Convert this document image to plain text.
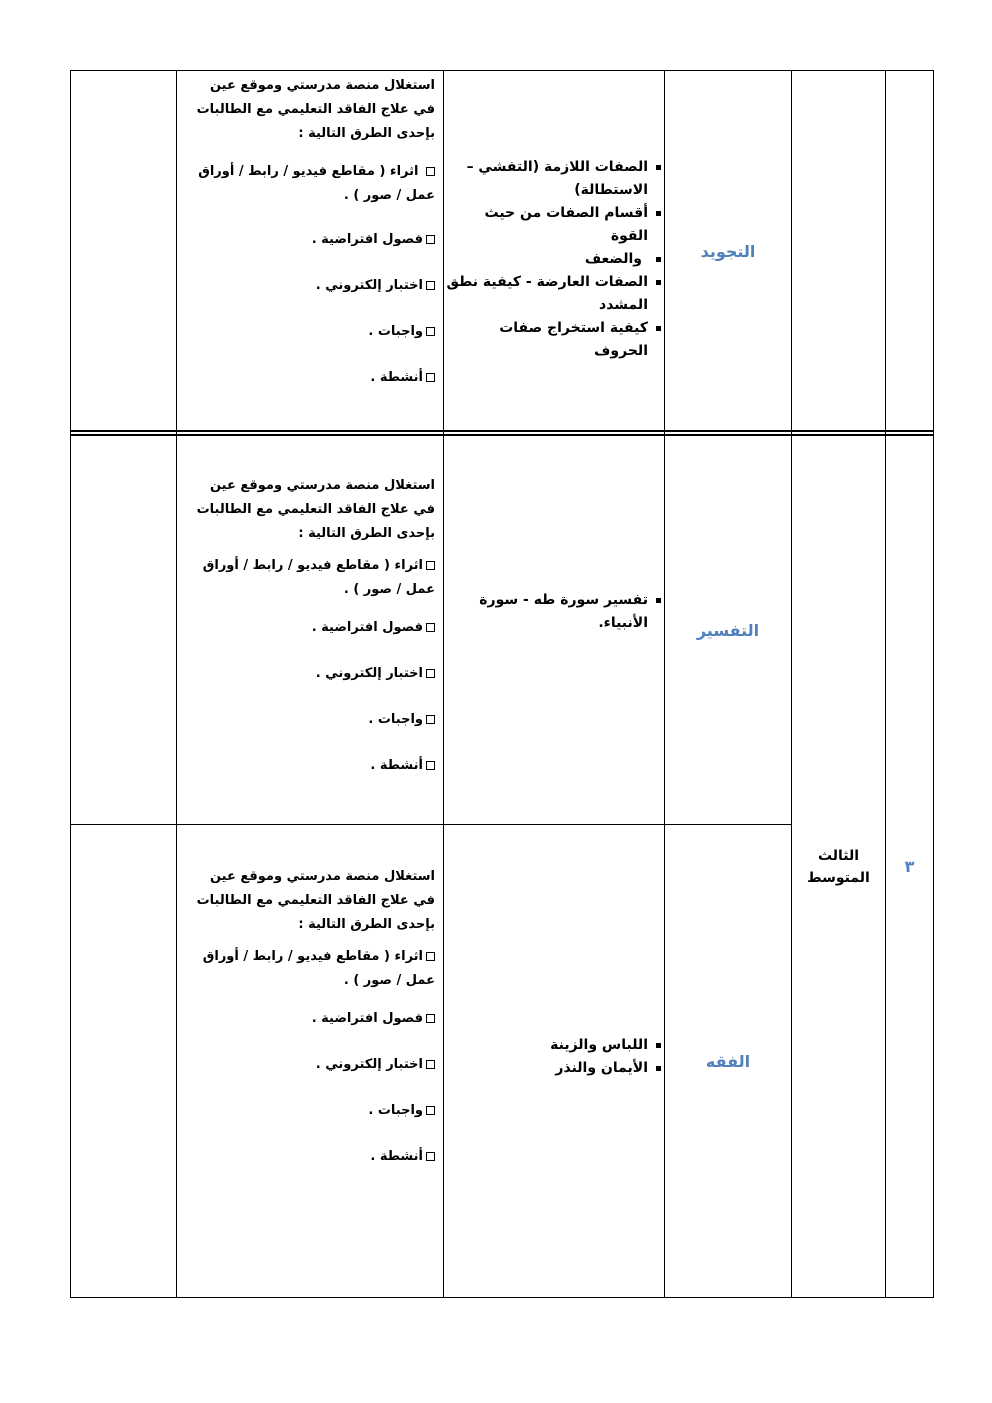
التجويد
الصفات اللازمة (التفشي – الاستطالة)
أقسام الصفات من حيث القوة
والضعف
الصفات العارضة - كيفية نطق المشدد
كيفية استخراج صفات الحروف

استغلال منصة مدرستي وموقع عين في علاج الفاقد التعليمي مع الطالبات بإحدى الطرق التالية :

اثراء ( مقاطع فيديو / رابط / أوراق عمل / صور ) .

فصول افتراضية .

اختبار إلكتروني .

واجبات .

أنشطة .

التفسير
تفسير سورة طه - سورة الأنبياء.

استغلال منصة مدرستي وموقع عين في علاج الفاقد التعليمي مع الطالبات بإحدى الطرق التالية :

اثراء ( مقاطع فيديو / رابط / أوراق عمل / صور ) .

فصول افتراضية .

اختبار إلكتروني .

واجبات .

أنشطة .

الفقه
اللباس والزينة
الأيمان والنذر

استغلال منصة مدرستي وموقع عين في علاج الفاقد التعليمي مع الطالبات بإحدى الطرق التالية :

اثراء ( مقاطع فيديو / رابط / أوراق عمل / صور ) .

فصول افتراضية .

اختبار إلكتروني .

واجبات .

أنشطة .

الثالث
المتوسط
٣
